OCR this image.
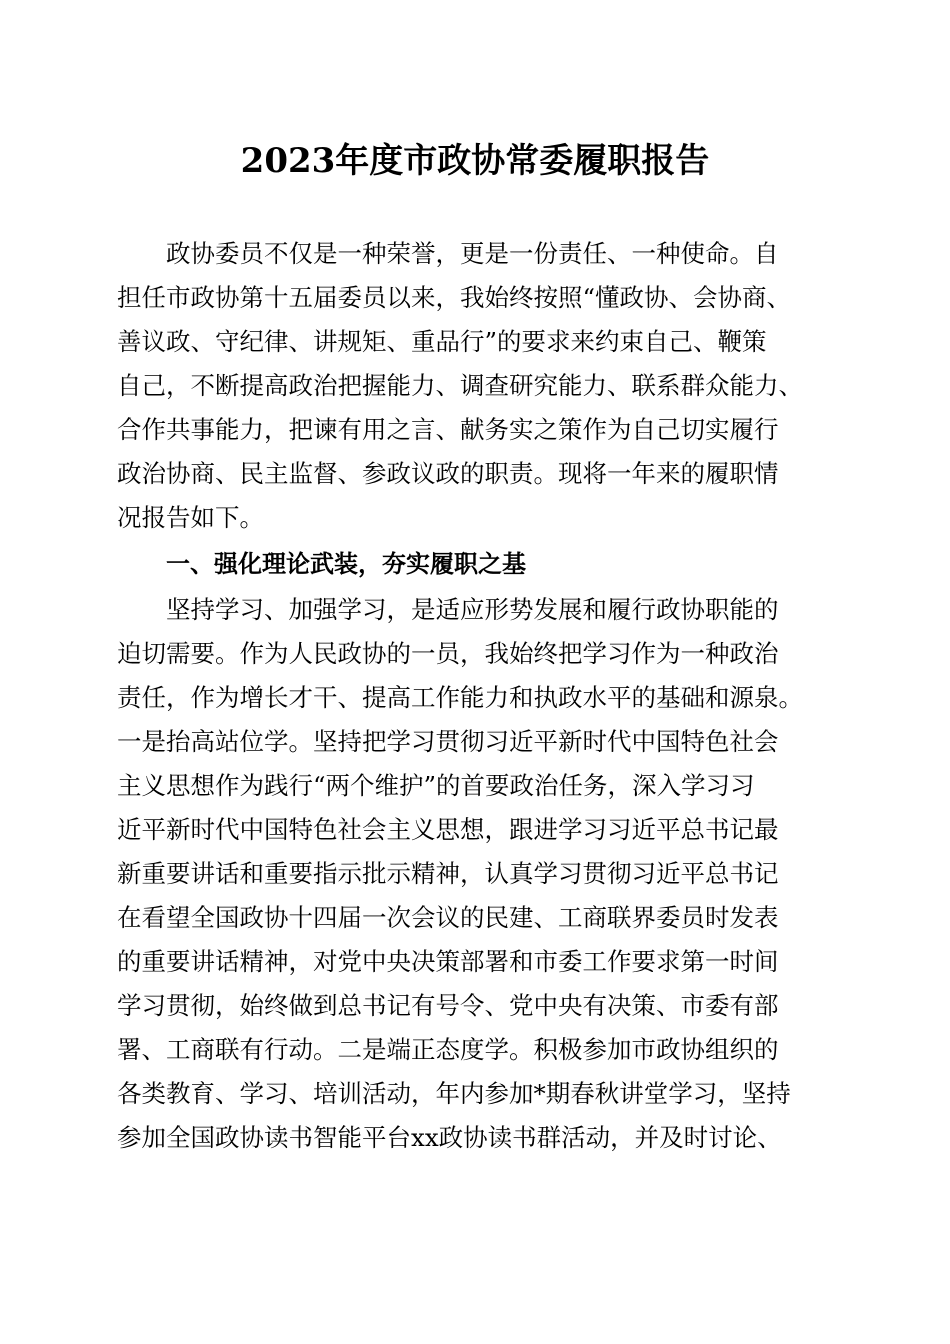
2023年度市政协常委履职报告

政协委员不仅是一种荣誉，更是一份责任、一种使命。自

担任市政协第十五届委员以来，我始终按照“懂政协、会协商、

善议政、守纪律、讲规矩、重品行”的要求来约束自己、鞭策

自己，不断提高政治把握能力、调查研究能力、联系群众能力、

合作共事能力，把谏有用之言、献务实之策作为自己切实履行

政治协商、民主监督、参政议政的职责。现将一年来的履职情

况报告如下。

一、强化理论武装，夯实履职之基

坚持学习、加强学习，是适应形势发展和履行政协职能的

迫切需要。作为人民政协的一员，我始终把学习作为一种政治

责任，作为增长才干、提高工作能力和执政水平的基础和源泉。

一是抬高站位学。坚持把学习贯彻习近平新时代中国特色社会

主义思想作为践行“两个维护”的首要政治任务，深入学习习

近平新时代中国特色社会主义思想，跟进学习习近平总书记最

新重要讲话和重要指示批示精神，认真学习贯彻习近平总书记

在看望全国政协十四届一次会议的民建、工商联界委员时发表

的重要讲话精神，对党中央决策部署和市委工作要求第一时间

学习贯彻，始终做到总书记有号令、党中央有决策、市委有部

署、工商联有行动。二是端正态度学。积极参加市政协组织的

各类教育、学习、培训活动，年内参加*期春秋讲堂学习，坚持

参加全国政协读书智能平台xx政协读书群活动，并及时讨论、
